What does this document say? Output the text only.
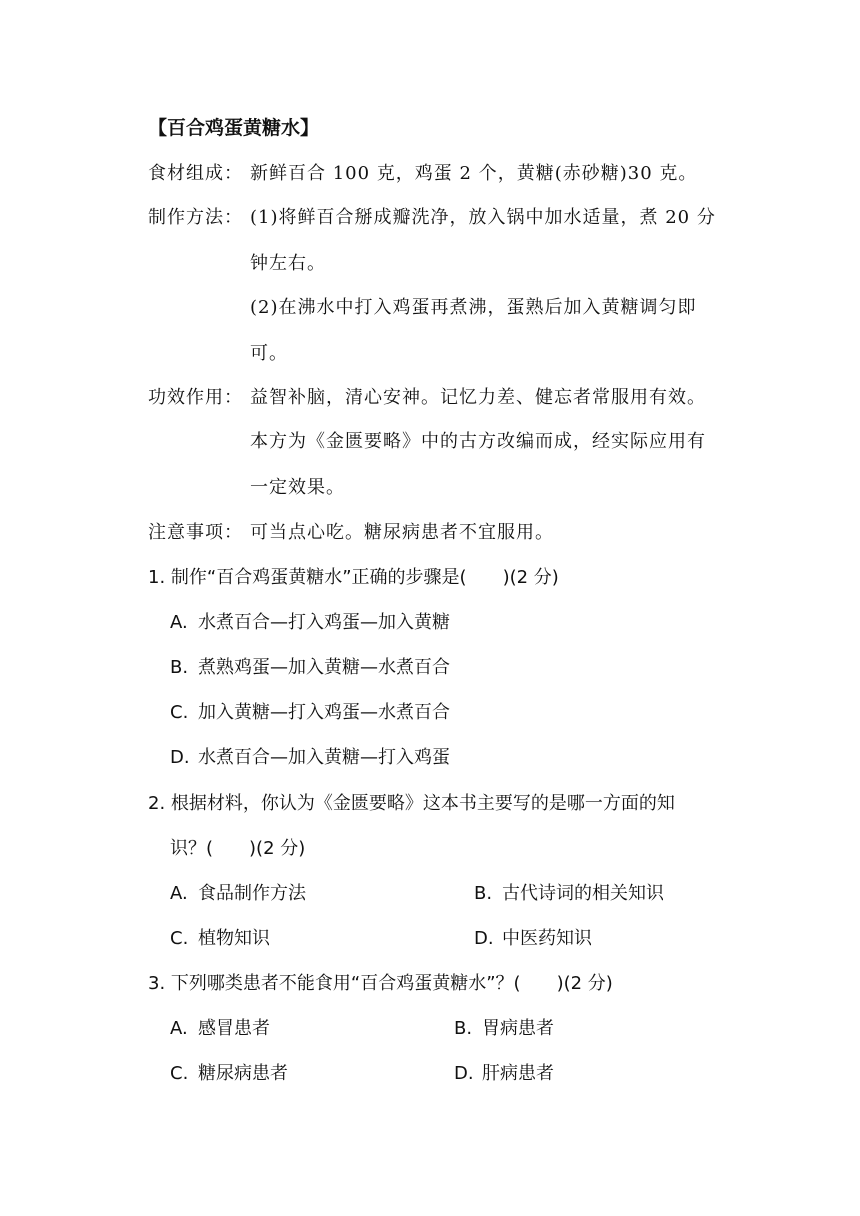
【百合鸡蛋黄糖水】
食材组成： 新鲜百合 100 克，鸡蛋 2 个，黄糖(赤砂糖)30 克。
制作方法： (1)将鲜百合掰成瓣洗净，放入锅中加水适量，煮 20 分
钟左右。
(2)在沸水中打入鸡蛋再煮沸，蛋熟后加入黄糖调匀即
可。
功效作用： 益智补脑，清心安神。记忆力差、健忘者常服用有效。
本方为《金匮要略》中的古方改编而成，经实际应用有
一定效果。
注意事项： 可当点心吃。糖尿病患者不宜服用。
1. 制作“百合鸡蛋黄糖水”正确的步骤是(　　)(2 分)
A. 水煮百合—打入鸡蛋—加入黄糖
B. 煮熟鸡蛋—加入黄糖—水煮百合
C. 加入黄糖—打入鸡蛋—水煮百合
D. 水煮百合—加入黄糖—打入鸡蛋
2. 根据材料，你认为《金匮要略》这本书主要写的是哪一方面的知
识？(　　)(2 分)
A. 食品制作方法	B. 古代诗词的相关知识
C. 植物知识	D. 中医药知识
3. 下列哪类患者不能食用“百合鸡蛋黄糖水”？(　　)(2 分)
A. 感冒患者	B. 胃病患者
C. 糖尿病患者	D. 肝病患者
